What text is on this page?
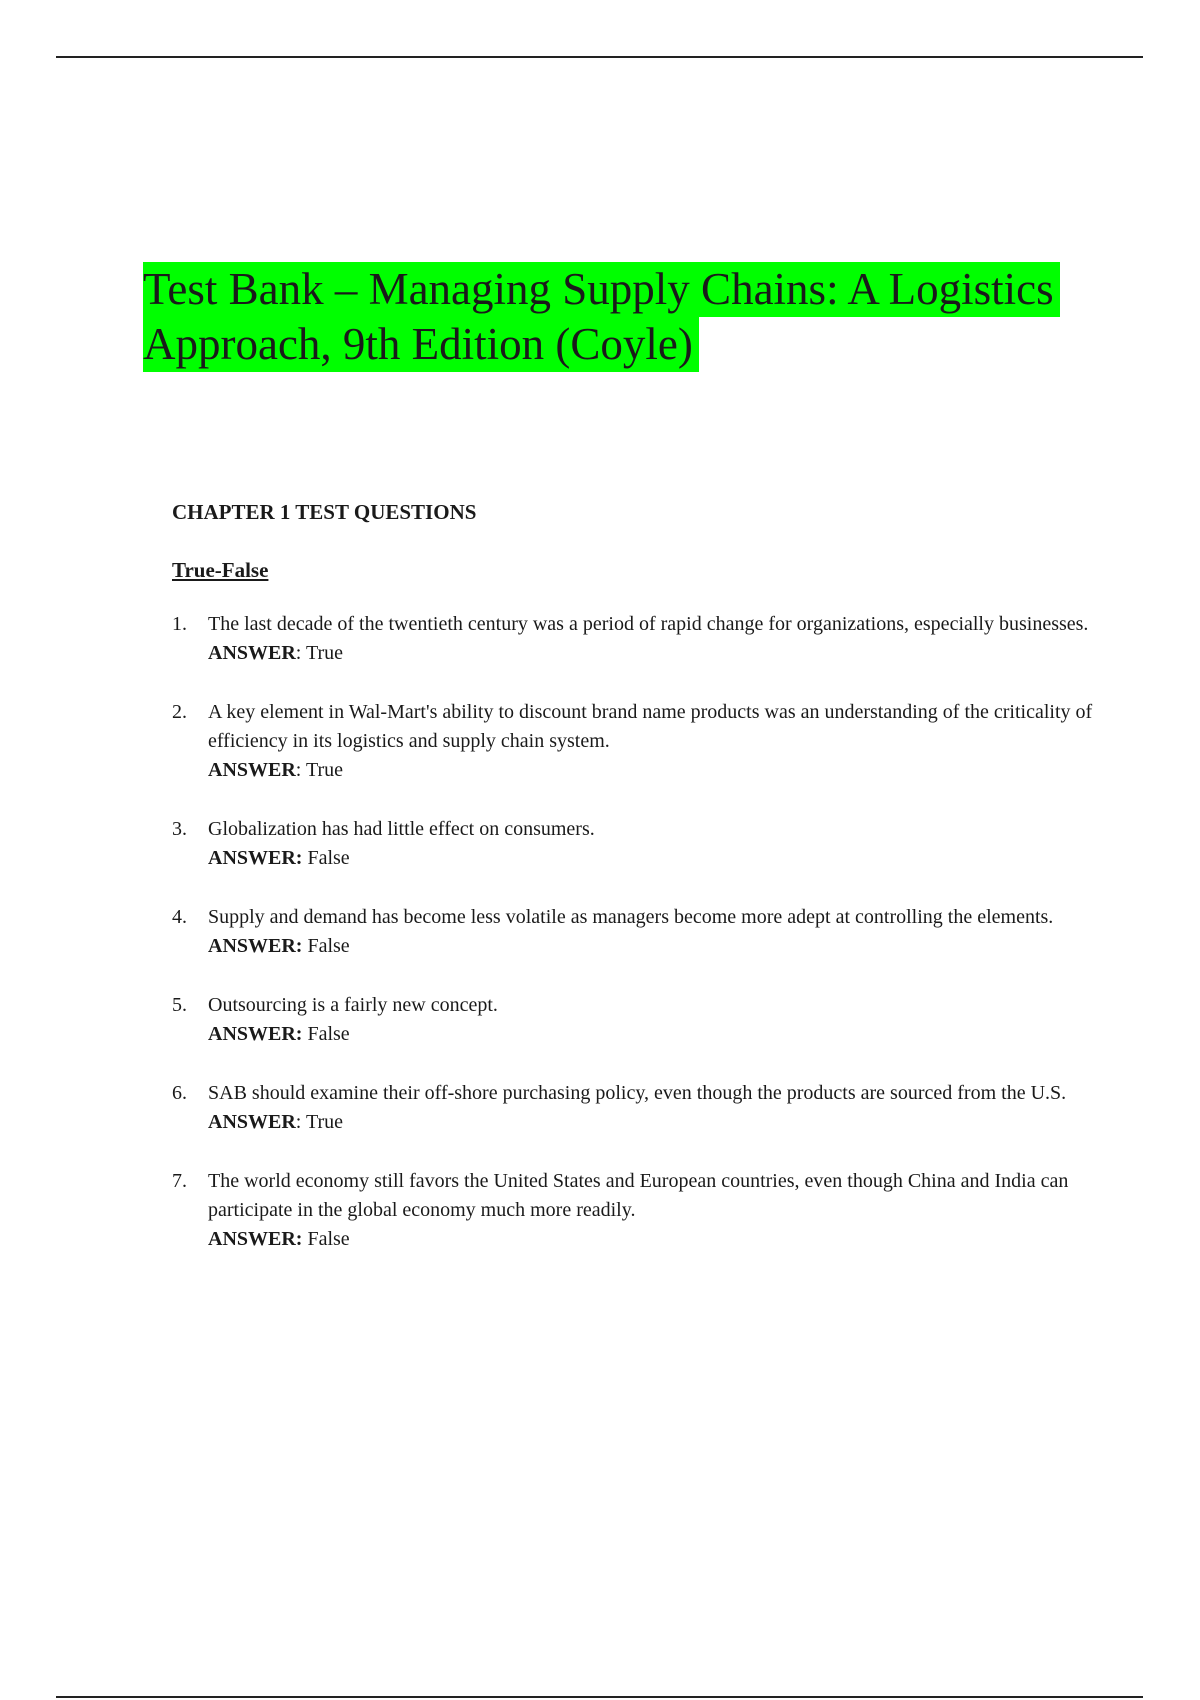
Test Bank – Managing Supply Chains: A Logistics
Approach, 9th Edition (Coyle)
CHAPTER 1 TEST QUESTIONS
True-False
1. The last decade of the twentieth century was a period of rapid change for organizations, especially businesses.
ANSWER: True
2. A key element in Wal-Mart's ability to discount brand name products was an understanding of the criticality of efficiency in its logistics and supply chain system.
ANSWER: True
3. Globalization has had little effect on consumers.
ANSWER: False
4. Supply and demand has become less volatile as managers become more adept at controlling the elements.
ANSWER: False
5. Outsourcing is a fairly new concept.
ANSWER: False
6. SAB should examine their off-shore purchasing policy, even though the products are sourced from the U.S.
ANSWER: True
7. The world economy still favors the United States and European countries, even though China and India can participate in the global economy much more readily.
ANSWER: False
